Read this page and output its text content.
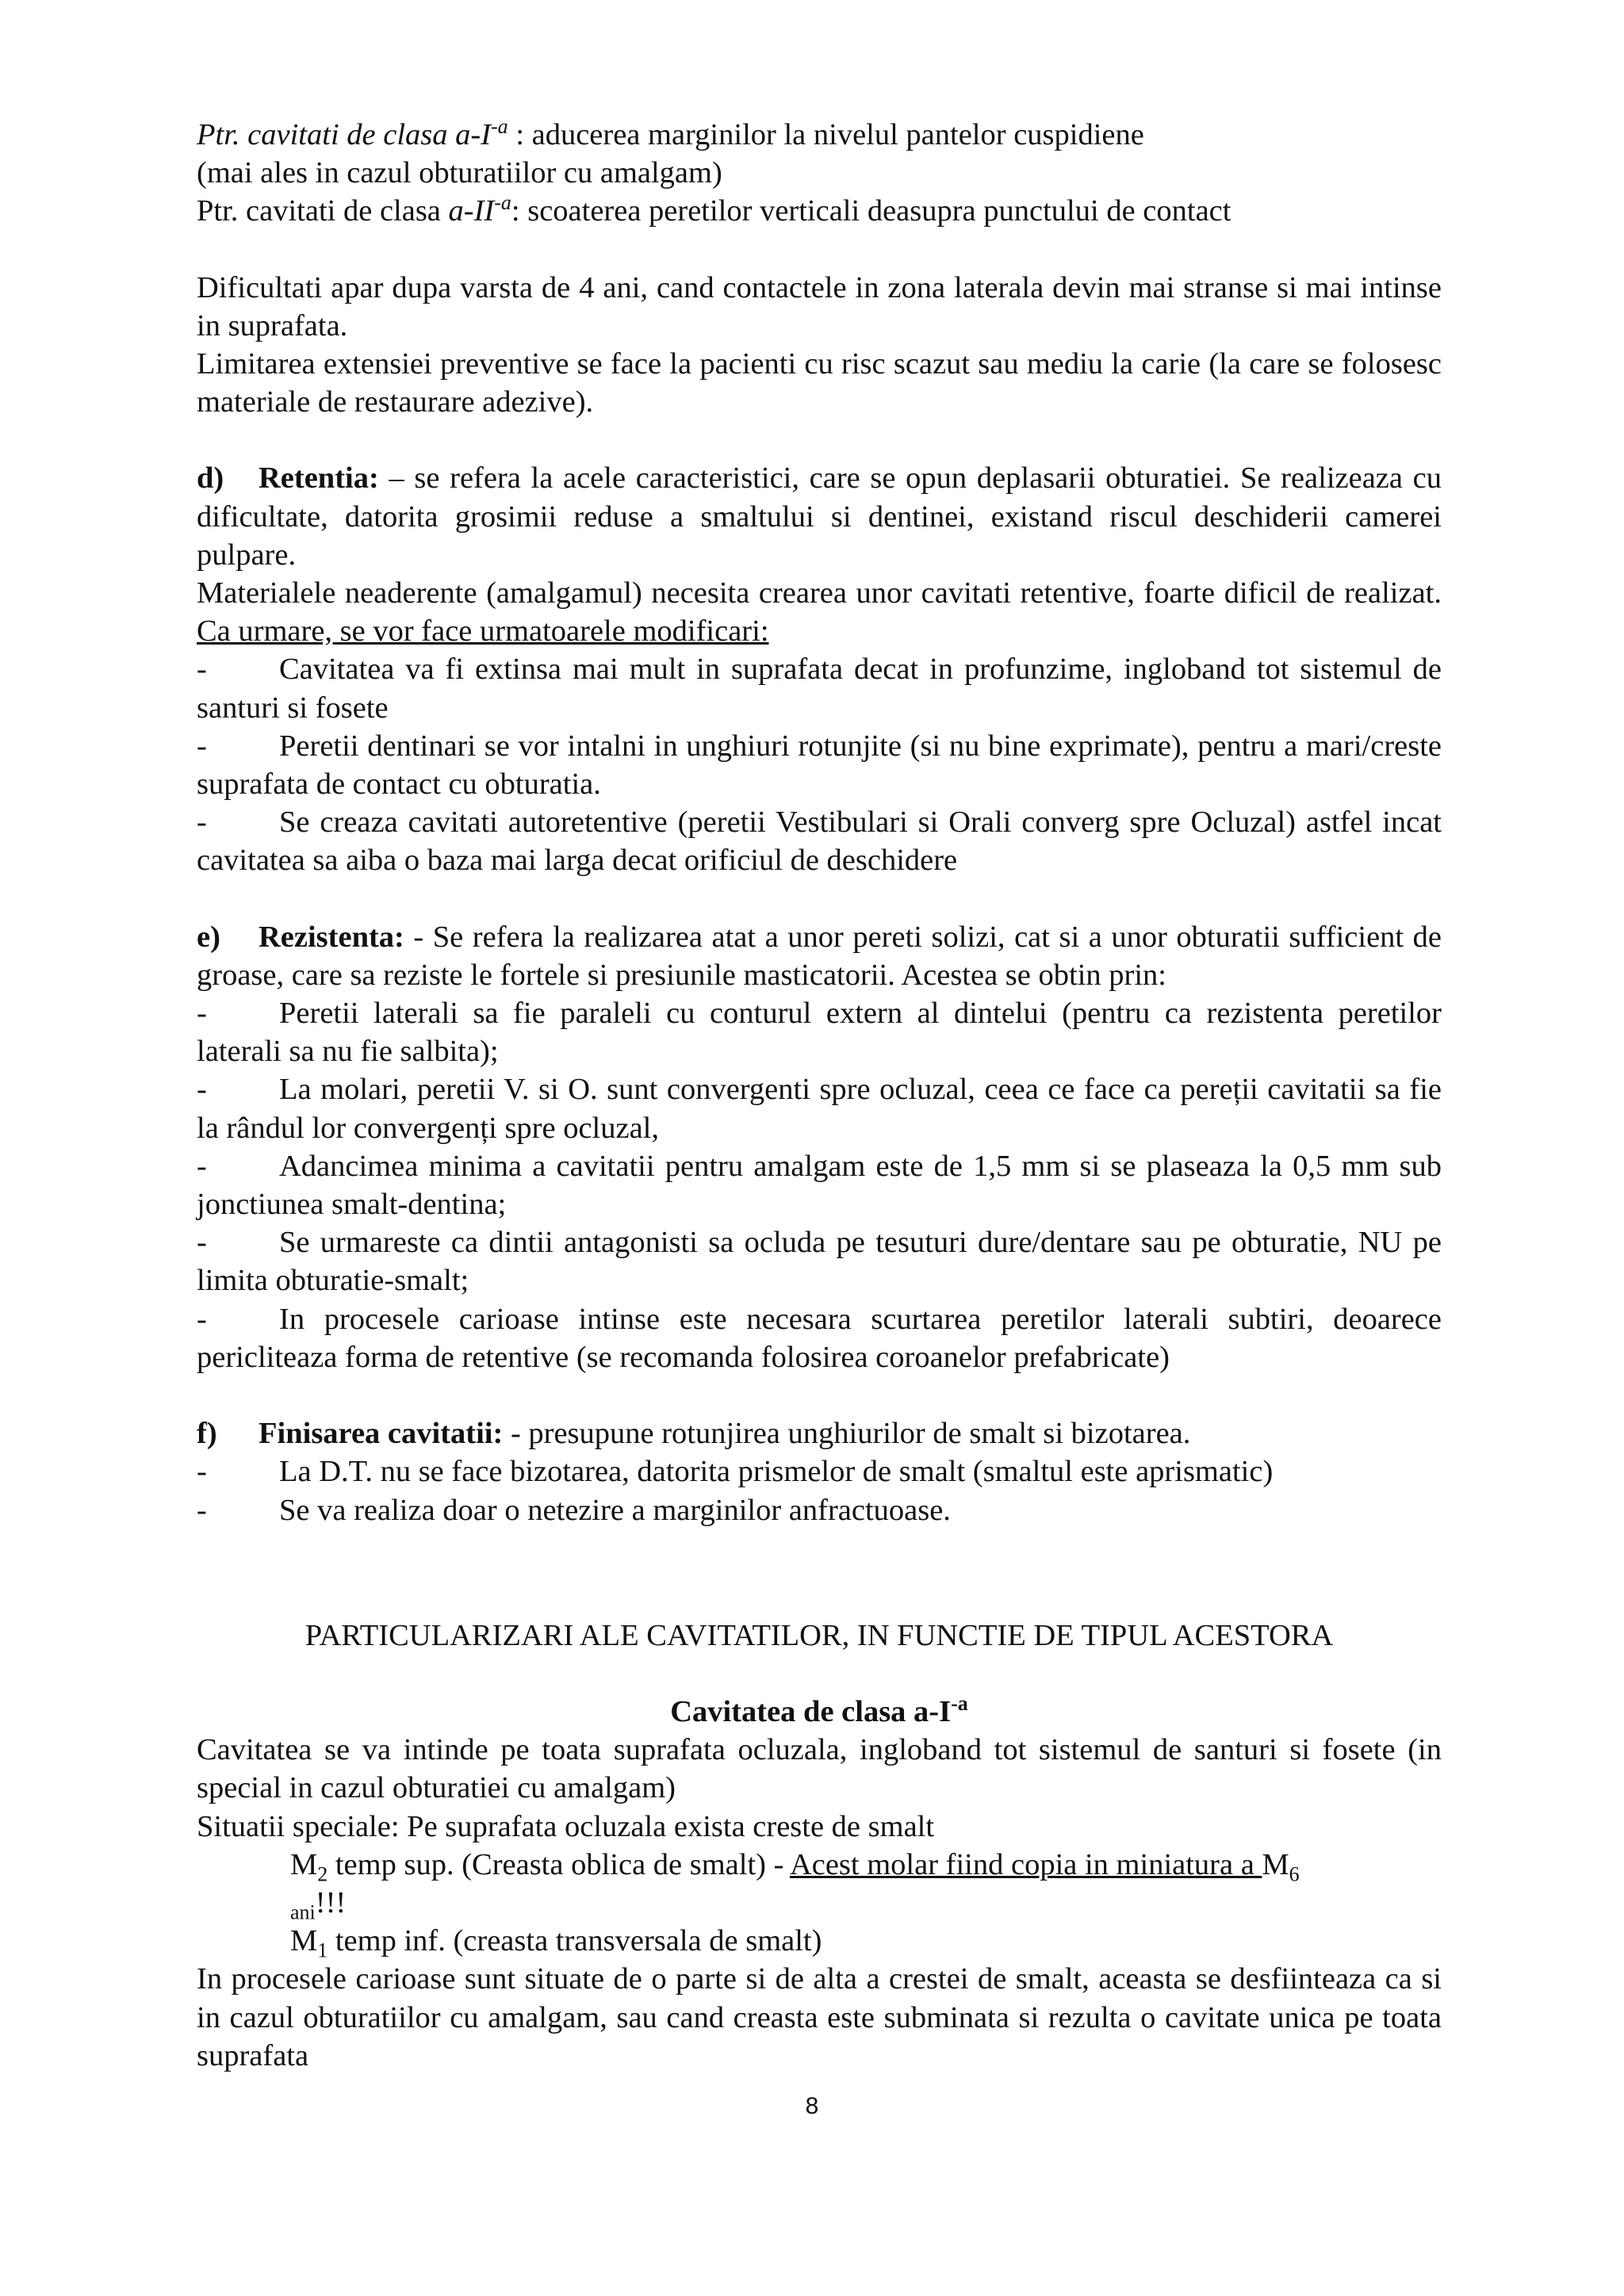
Ptr. cavitati de clasa $a-I^{-a}$ : aducerea marginilor la nivelul pantelor cuspidiene

(mai ales in cazul obturatiilor cu amalgam)

Ptr. cavitati de clasa $a-II^{-a}$: scoaterea peretilor verticali deasupra punctului de contact

Dificultati apar dupa varsta de 4 ani, cand contactele in zona laterala devin mai stranse si mai intinse in suprafata.

Limitarea extensiei preventive se face la pacienti cu risc scazut sau mediu la carie (la care se folosesc materiale de restaurare adezive).

d) Retentia: – se refera la acele caracteristici, care se opun deplasarii obturatiei. Se realizeaza cu dificultate, datorita grosimii reduse a smaltului si dentinei, existand riscul deschiderii camerei pulpare.

Materialele neaderente (amalgamul) necesita crearea unor cavitati retentive, foarte dificil de realizat. Ca urmare, se vor face urmatoarele modificari:

- Cavitatea va fi extinsa mai mult in suprafata decat in profunzime, ingloband tot sistemul de santuri si fosete

- Peretii dentinari se vor intalni in unghiuri rotunjite (si nu bine exprimate), pentru a mari/creste suprafata de contact cu obturatia.

- Se creaza cavitati autoretentive (peretii Vestibulari si Orali converg spre Ocluzal) astfel incat cavitatea sa aiba o baza mai larga decat orificiul de deschidere

e) Rezistenta: - Se refera la realizarea atat a unor pereti solizi, cat si a unor obturatii sufficient de groase, care sa reziste le fortele si presiunile masticatorii. Acestea se obtin prin:

- Peretii laterali sa fie paraleli cu conturul extern al dintelui (pentru ca rezistenta peretilor laterali sa nu fie salbita);

- La molari, peretii V. si O. sunt convergenti spre ocluzal, ceea ce face ca pereții cavitatii sa fie la rândul lor convergenți spre ocluzal,

- Adancimea minima a cavitatii pentru amalgam este de 1,5 mm si se plaseaza la 0,5 mm sub jonctiunea smalt-dentina;

- Se urmareste ca dintii antagonisti sa ocluda pe tesuturi dure/dentare sau pe obturatie, NU pe limita obturatie-smalt;

- In procesele carioase intinse este necesara scurtarea peretilor laterali subtiri, deoarece pericliteaza forma de retentive (se recomanda folosirea coroanelor prefabricate)

f) Finisarea cavitatii: - presupune rotunjirea unghiurilor de smalt si bizotarea.

- La D.T. nu se face bizotarea, datorita prismelor de smalt (smaltul este aprismatic)

- Se va realiza doar o netezire a marginilor anfractuoase.

PARTICULARIZARI ALE CAVITATILOR, IN FUNCTIE DE TIPUL ACESTORA

Cavitatea de clasa $a-I^{-a}$

Cavitatea se va intinde pe toata suprafata ocluzala, ingloband tot sistemul de santuri si fosete (in special in cazul obturatiei cu amalgam)

Situatii speciale: Pe suprafata ocluzala exista creste de smalt

$M_2$ temp sup. (Creasta oblica de smalt) - Acest molar fiind copia in miniatura a $M_6$
$_{ani}$!!!

$M_1$ temp inf. (creasta transversala de smalt)

In procesele carioase sunt situate de o parte si de alta a crestei de smalt, aceasta se desfiinteaza ca si in cazul obturatiilor cu amalgam, sau cand creasta este subminata si rezulta o cavitate unica pe toata suprafata

8
